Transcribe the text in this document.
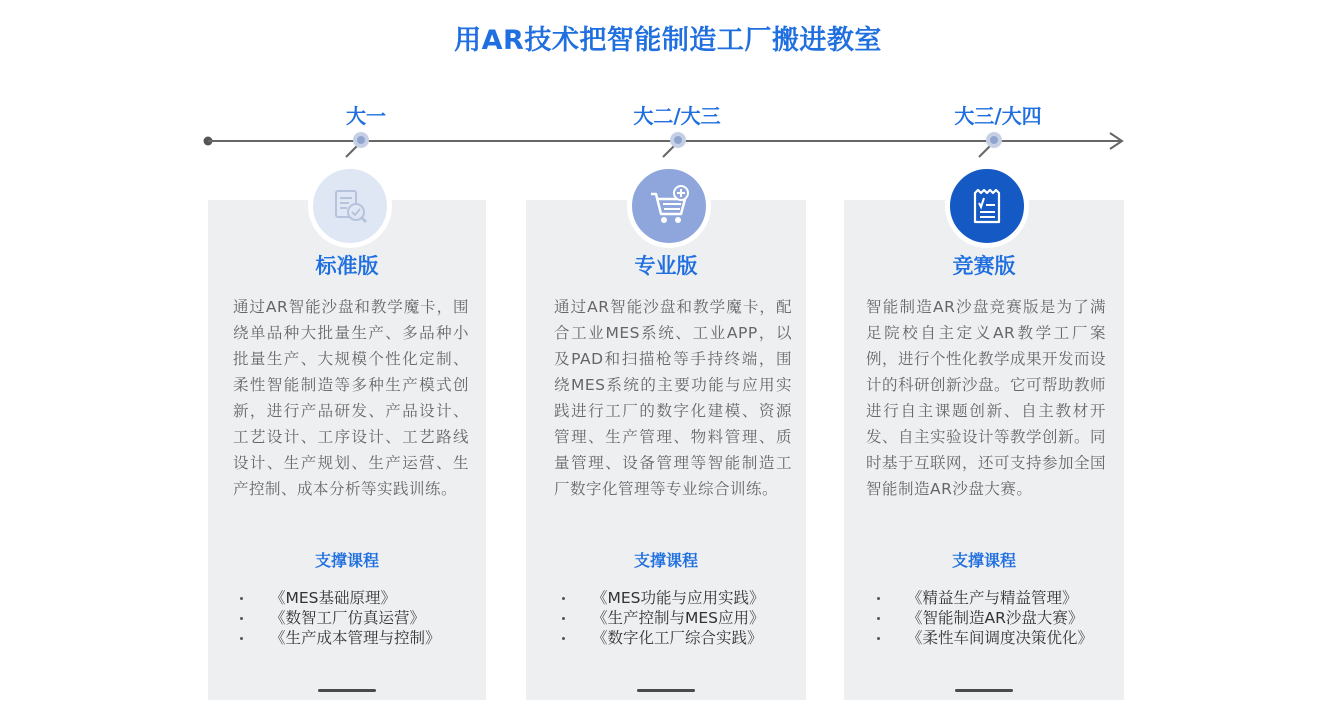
用AR技术把智能制造工厂搬进教室
大一	大二/大三	大三/大四
标准版
通过AR智能沙盘和教学魔卡，围绕单品种大批量生产、多品种小批量生产、大规模个性化定制、柔性智能制造等多种生产模式创新，进行产品研发、产品设计、工艺设计、工序设计、工艺路线设计、生产规划、生产运营、生产控制、成本分析等实践训练。
支撑课程
《MES基础原理》
《数智工厂仿真运营》
《生产成本管理与控制》
专业版
通过AR智能沙盘和教学魔卡，配合工业MES系统、工业APP，以及PAD和扫描枪等手持终端，围绕MES系统的主要功能与应用实践进行工厂的数字化建模、资源管理、生产管理、物料管理、质量管理、设备管理等智能制造工厂数字化管理等专业综合训练。
支撑课程
《MES功能与应用实践》
《生产控制与MES应用》
《数字化工厂综合实践》
竞赛版
智能制造AR沙盘竞赛版是为了满足院校自主定义AR教学工厂案例，进行个性化教学成果开发而设计的科研创新沙盘。它可帮助教师进行自主课题创新、自主教材开发、自主实验设计等教学创新。同时基于互联网，还可支持参加全国智能制造AR沙盘大赛。
支撑课程
《精益生产与精益管理》
《智能制造AR沙盘大赛》
《柔性车间调度决策优化》
